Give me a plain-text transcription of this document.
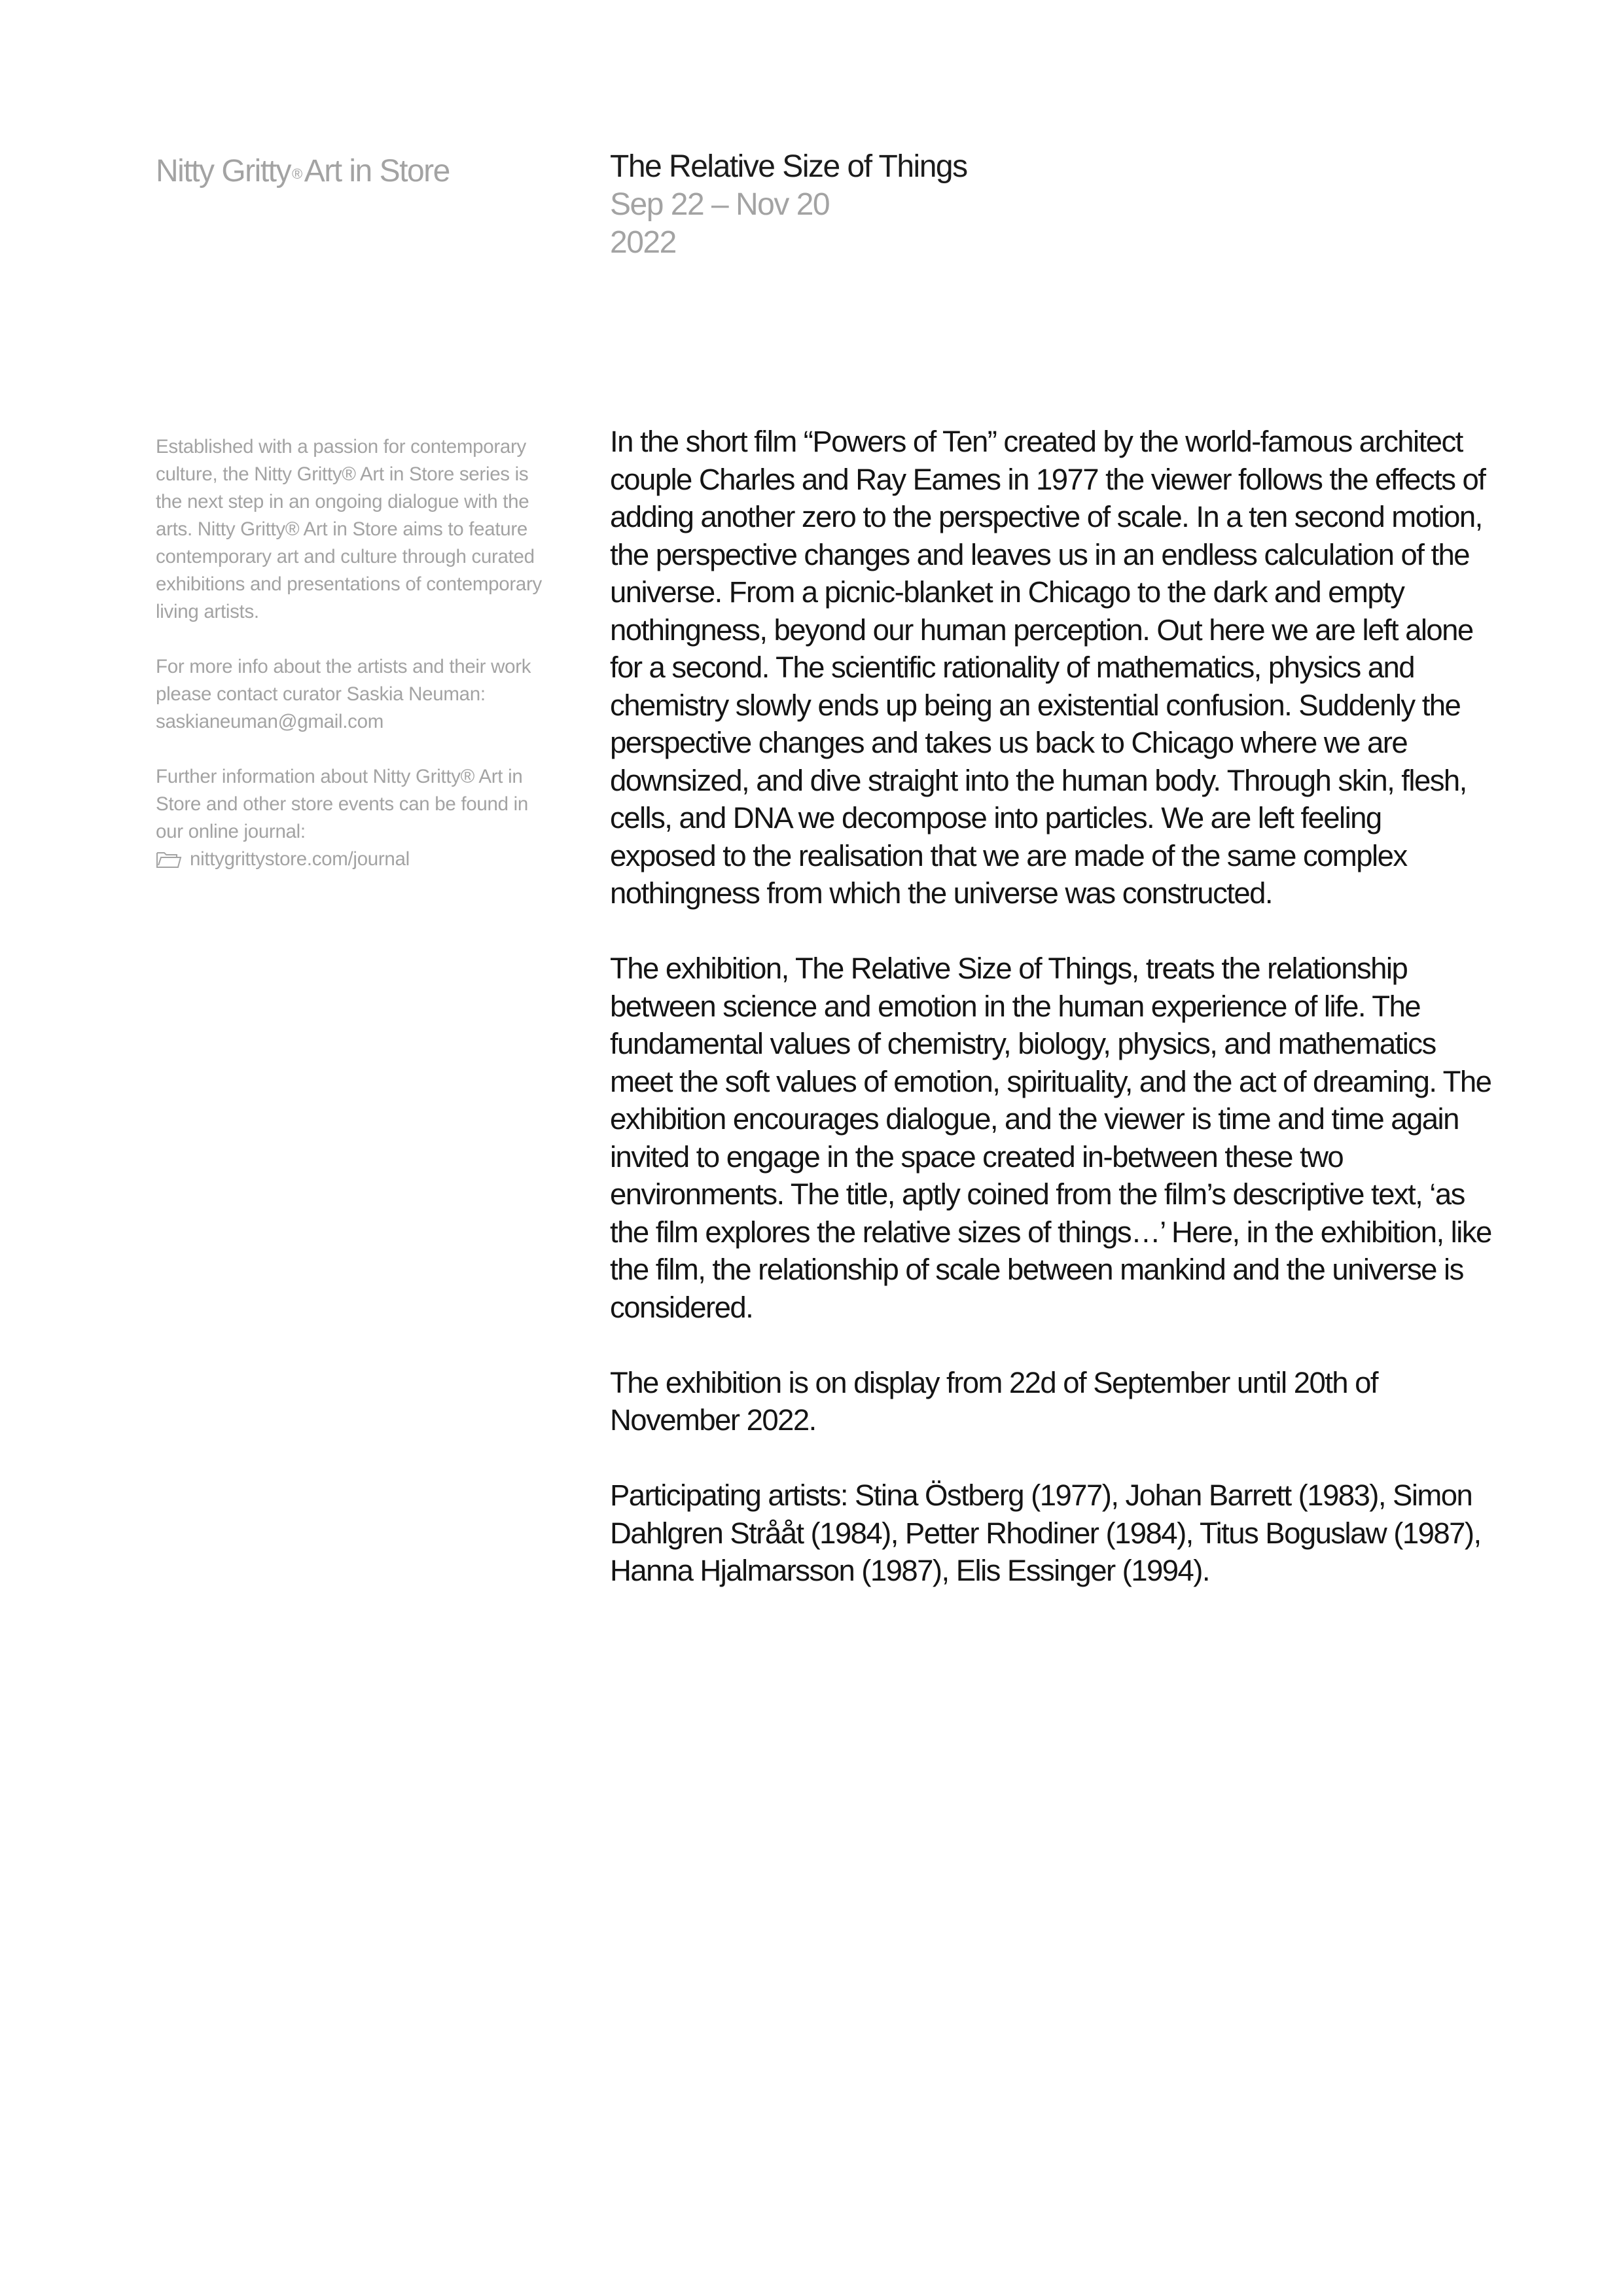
Nitty Gritty®Art in Store	The Relative Size of Things
Sep 22 – Nov 20
2022

Established with a passion for contemporary culture, the Nitty Gritty® Art in Store series is the next step in an ongoing dialogue with the arts. Nitty Gritty® Art in Store aims to feature contemporary art and culture through curated exhibitions and presentations of contemporary living artists.

For more info about the artists and their work please contact curator Saskia Neuman: saskianeuman@gmail.com

Further information about Nitty Gritty® Art in Store and other store events can be found in our online journal:

nittygrittystore.com/journal

In the short film “Powers of Ten” created by the world-famous architect couple Charles and Ray Eames in 1977 the viewer follows the effects of adding another zero to the perspective of scale. In a ten second motion, the perspective changes and leaves us in an endless calculation of the universe. From a picnic-blanket in Chicago to the dark and empty nothingness, beyond our human perception. Out here we are left alone for a second. The scientific rationality of mathematics, physics and chemistry slowly ends up being an existential confusion. Suddenly the perspective changes and takes us back to Chicago where we are downsized, and dive straight into the human body. Through skin, flesh, cells, and DNA we decompose into particles. We are left feeling exposed to the realisation that we are made of the same complex nothingness from which the universe was constructed.

The exhibition, The Relative Size of Things, treats the relationship between science and emotion in the human experience of life. The fundamental values of chemistry, biology, physics, and mathematics meet the soft values of emotion, spirituality, and the act of dreaming. The exhibition encourages dialogue, and the viewer is time and time again invited to engage in the space created in-between these two environments. The title, aptly coined from the film’s descriptive text, ‘as the film explores the relative sizes of things…’ Here, in the exhibition, like the film, the relationship of scale between mankind and the universe is considered.

The exhibition is on display from 22d of September until 20th of November 2022.

Participating artists: Stina Östberg (1977), Johan Barrett (1983), Simon Dahlgren Strååt (1984), Petter Rhodiner (1984), Titus Boguslaw (1987), Hanna Hjalmarsson (1987), Elis Essinger (1994).
